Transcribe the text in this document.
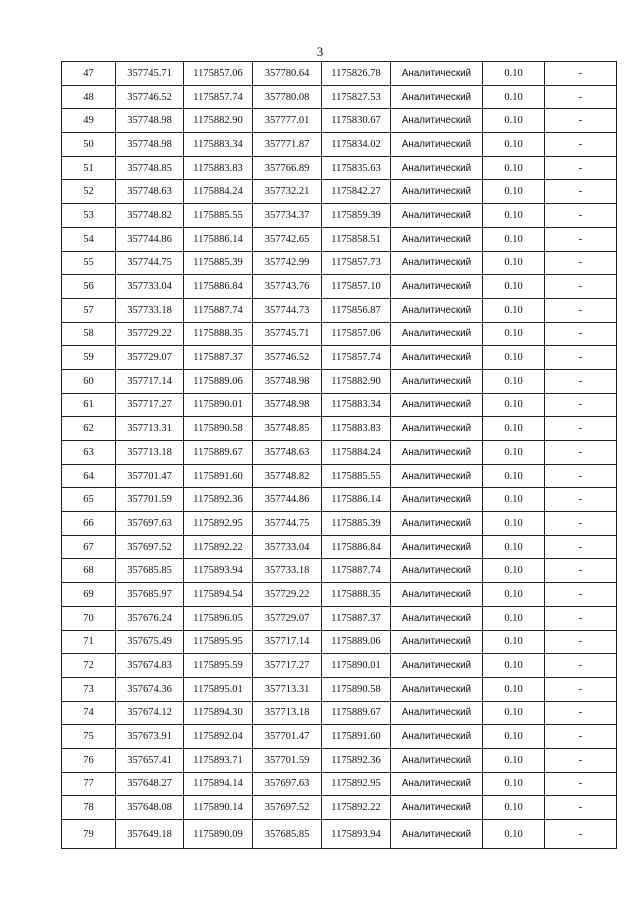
3
47	357745.71	1175857.06	357780.64	1175826.78	Аналитический	0.10	-
48	357746.52	1175857.74	357780.08	1175827.53	Аналитический	0.10	-
49	357748.98	1175882.90	357777.01	1175830.67	Аналитический	0.10	-
50	357748.98	1175883.34	357771.87	1175834.02	Аналитический	0.10	-
51	357748.85	1175883.83	357766.89	1175835.63	Аналитический	0.10	-
52	357748.63	1175884.24	357732.21	1175842.27	Аналитический	0.10	-
53	357748.82	1175885.55	357734.37	1175859.39	Аналитический	0.10	-
54	357744.86	1175886.14	357742.65	1175858.51	Аналитический	0.10	-
55	357744.75	1175885.39	357742.99	1175857.73	Аналитический	0.10	-
56	357733.04	1175886.84	357743.76	1175857.10	Аналитический	0.10	-
57	357733.18	1175887.74	357744.73	1175856.87	Аналитический	0.10	-
58	357729.22	1175888.35	357745.71	1175857.06	Аналитический	0.10	-
59	357729.07	1175887.37	357746.52	1175857.74	Аналитический	0.10	-
60	357717.14	1175889.06	357748.98	1175882.90	Аналитический	0.10	-
61	357717.27	1175890.01	357748.98	1175883.34	Аналитический	0.10	-
62	357713.31	1175890.58	357748.85	1175883.83	Аналитический	0.10	-
63	357713.18	1175889.67	357748.63	1175884.24	Аналитический	0.10	-
64	357701.47	1175891.60	357748.82	1175885.55	Аналитический	0.10	-
65	357701.59	1175892.36	357744.86	1175886.14	Аналитический	0.10	-
66	357697.63	1175892.95	357744.75	1175885.39	Аналитический	0.10	-
67	357697.52	1175892.22	357733.04	1175886.84	Аналитический	0.10	-
68	357685.85	1175893.94	357733.18	1175887.74	Аналитический	0.10	-
69	357685.97	1175894.54	357729.22	1175888.35	Аналитический	0.10	-
70	357676.24	1175896.05	357729.07	1175887.37	Аналитический	0.10	-
71	357675.49	1175895.95	357717.14	1175889.06	Аналитический	0.10	-
72	357674.83	1175895.59	357717.27	1175890.01	Аналитический	0.10	-
73	357674.36	1175895.01	357713.31	1175890.58	Аналитический	0.10	-
74	357674.12	1175894.30	357713.18	1175889.67	Аналитический	0.10	-
75	357673.91	1175892.04	357701.47	1175891.60	Аналитический	0.10	-
76	357657.41	1175893.71	357701.59	1175892.36	Аналитический	0.10	-
77	357648.27	1175894.14	357697.63	1175892.95	Аналитический	0.10	-
78	357648.08	1175890.14	357697.52	1175892.22	Аналитический	0.10	-
79	357649.18	1175890.09	357685.85	1175893.94	Аналитический	0.10	-
